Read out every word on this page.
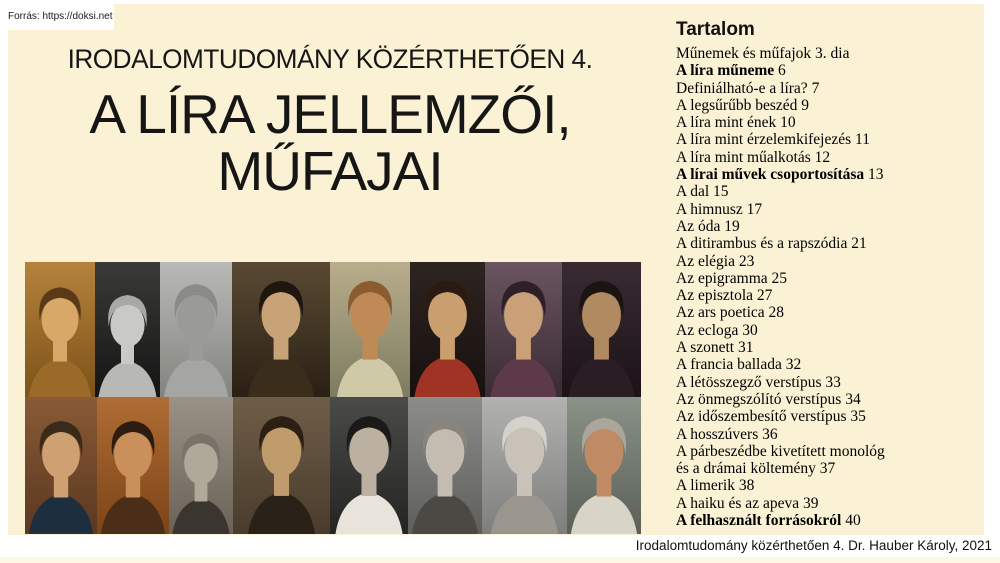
Forrás: https://doksi.net
IRODALOMTUDOMÁNY KÖZÉRTHETŐEN 4.
A LÍRA JELLEMZŐI,
MŰFAJAI
Tartalom
Műnemek és műfajok 3. dia
A líra műneme 6
Definiálható-e a líra? 7
A legsűrűbb beszéd 9
A líra mint ének 10
A líra mint érzelemkifejezés 11
A líra mint műalkotás 12
A lírai művek csoportosítása 13
A dal 15
A himnusz 17
Az óda 19
A ditirambus és a rapszódia 21
Az elégia 23
Az epigramma 25
Az episztola 27
Az ars poetica 28
Az ecloga 30
A szonett 31
A francia ballada 32
A létösszegző verstípus 33
Az önmegszólító verstípus 34
Az időszembesítő verstípus 35
A hosszúvers 36
A párbeszédbe kivetített monológ
és a drámai költemény 37
A limerik 38
A haiku és az apeva 39
A felhasznált forrásokról 40
Irodalomtudomány közérthetően 4. Dr. Hauber Károly, 2021
